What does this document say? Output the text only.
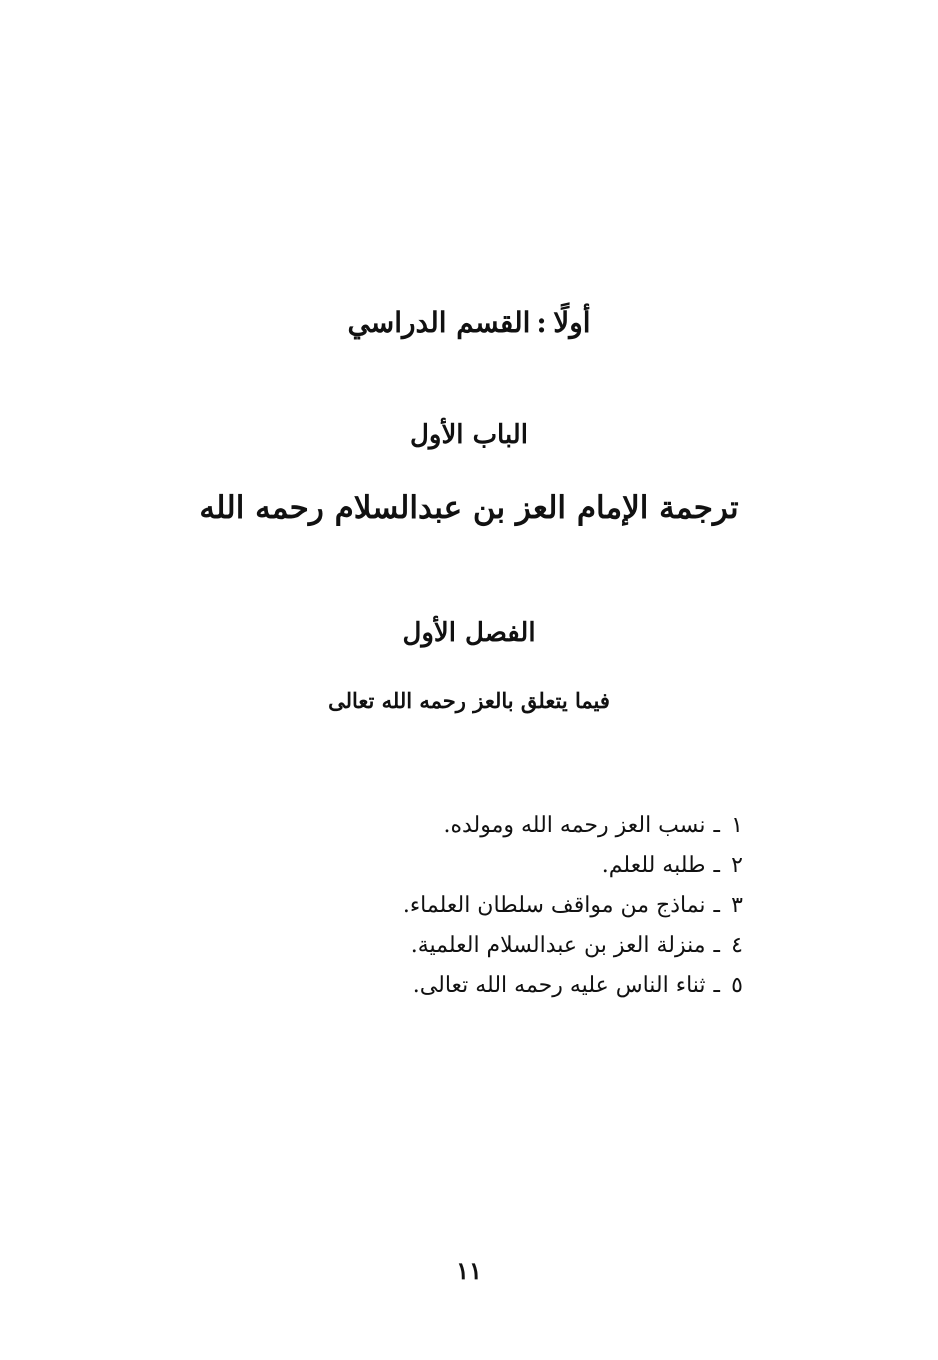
أولًا:القسم الدراسي
الباب الأول
ترجمة الإمام العز بن عبدالسلام رحمه الله
الفصل الأول
فيما يتعلق بالعز رحمه الله تعالى
١ـنسب العز رحمه الله ومولده.
٢ـطلبه للعلم.
٣ـنماذج من مواقف سلطان العلماء.
٤ـمنزلة العز بن عبدالسلام العلمية.
٥ـثناء الناس عليه رحمه الله تعالى.
١١
